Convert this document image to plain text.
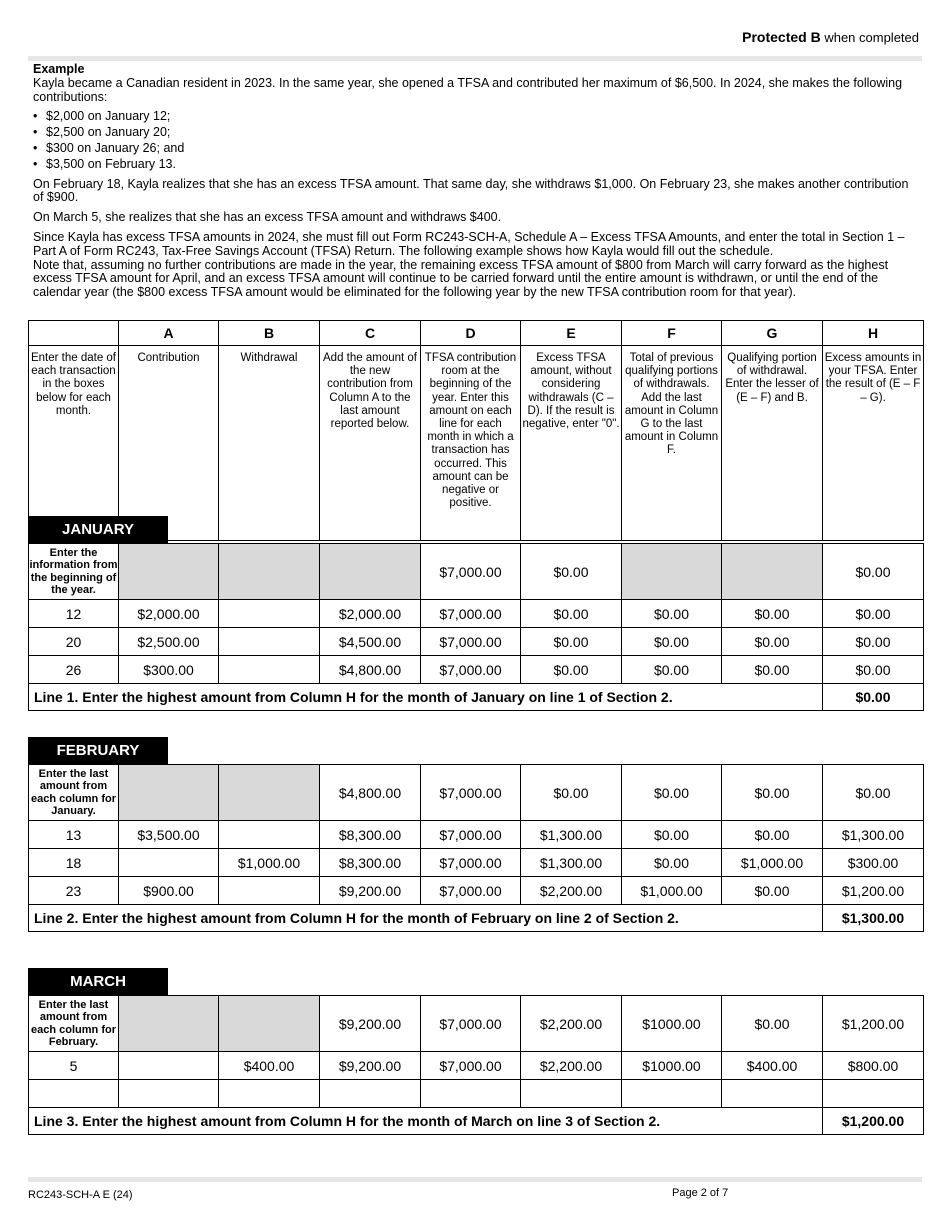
Protected B when completed
Example

Kayla became a Canadian resident in 2023. In the same year, she opened a TFSA and contributed her maximum of $6,500. In 2024, she makes the following contributions:

• $2,000 on January 12;
• $2,500 on January 20;
• $300 on January 26; and
• $3,500 on February 13.

On February 18, Kayla realizes that she has an excess TFSA amount. That same day, she withdraws $1,000. On February 23, she makes another contribution of $900.

On March 5, she realizes that she has an excess TFSA amount and withdraws $400.

Since Kayla has excess TFSA amounts in 2024, she must fill out Form RC243-SCH-A, Schedule A – Excess TFSA Amounts, and enter the total in Section 1 – Part A of Form RC243, Tax-Free Savings Account (TFSA) Return. The following example shows how Kayla would fill out the schedule.

Note that, assuming no further contributions are made in the year, the remaining excess TFSA amount of $800 from March will carry forward as the highest excess TFSA amount for April, and an excess TFSA amount will continue to be carried forward until the entire amount is withdrawn, or until the end of the calendar year (the $800 excess TFSA amount would be eliminated for the following year by the new TFSA contribution room for that year).

	A	B	C	D	E	F	G	H
Enter the date of each transaction in the boxes below for each month.	Contribution	Withdrawal	Add the amount of the new contribution from Column A to the last amount reported below.	TFSA contribution room at the beginning of the year. Enter this amount on each line for each month in which a transaction has occurred. This amount can be negative or positive.	Excess TFSA amount, without considering withdrawals (C – D). If the result is negative, enter "0".	Total of previous qualifying portions of withdrawals. Add the last amount in Column G to the last amount in Column F.	Qualifying portion of withdrawal. Enter the lesser of (E – F) and B.	Excess amounts in your TFSA. Enter the result of (E – F – G).
JANUARY
Enter the information from the beginning of the year.				$7,000.00	$0.00			$0.00
12	$2,000.00		$2,000.00	$7,000.00	$0.00	$0.00	$0.00	$0.00
20	$2,500.00		$4,500.00	$7,000.00	$0.00	$0.00	$0.00	$0.00
26	$300.00		$4,800.00	$7,000.00	$0.00	$0.00	$0.00	$0.00
Line 1. Enter the highest amount from Column H for the month of January on line 1 of Section 2.								$0.00
FEBRUARY
Enter the last amount from each column for January.			$4,800.00	$7,000.00	$0.00	$0.00	$0.00	$0.00
13	$3,500.00		$8,300.00	$7,000.00	$1,300.00	$0.00	$0.00	$1,300.00
18		$1,000.00	$8,300.00	$7,000.00	$1,300.00	$0.00	$1,000.00	$300.00
23	$900.00		$9,200.00	$7,000.00	$2,200.00	$1,000.00	$0.00	$1,200.00
Line 2. Enter the highest amount from Column H for the month of February on line 2 of Section 2.								$1,300.00
MARCH
Enter the last amount from each column for February.			$9,200.00	$7,000.00	$2,200.00	$1000.00	$0.00	$1,200.00
5		$400.00	$9,200.00	$7,000.00	$2,200.00	$1000.00	$400.00	$800.00

Line 3. Enter the highest amount from Column H for the month of March on line 3 of Section 2.								$1,200.00
RC243-SCH-A E (24)	Page 2 of 7
